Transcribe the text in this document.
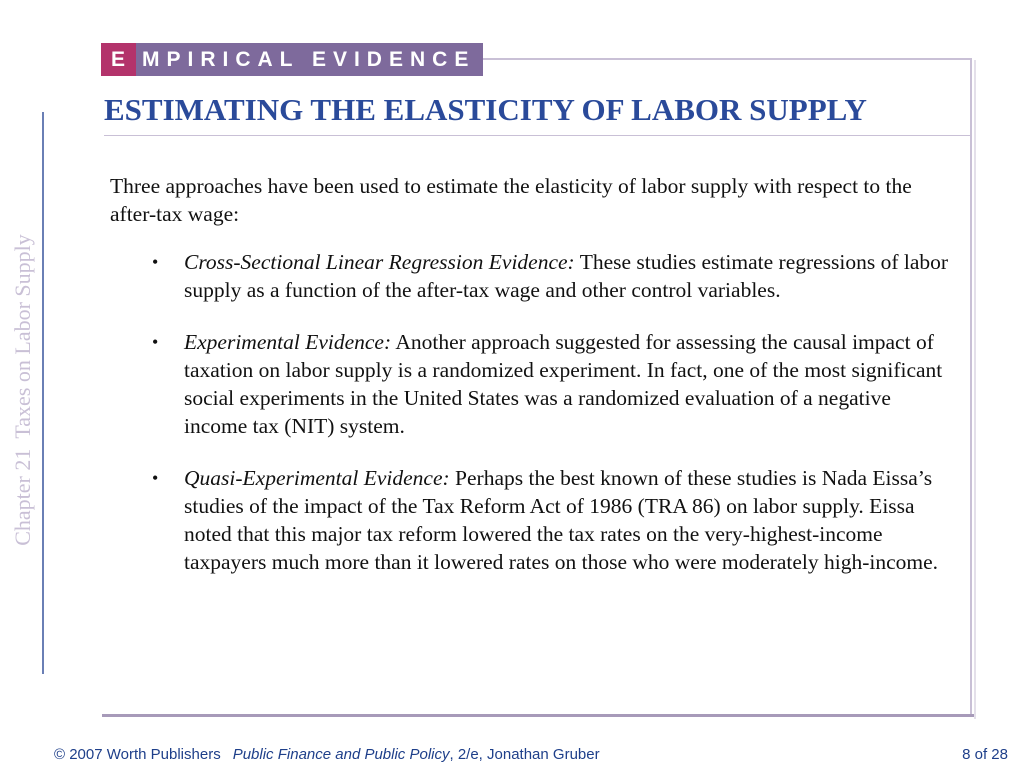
E MPIRICAL EVIDENCE
ESTIMATING THE ELASTICITY OF LABOR SUPPLY
Chapter 21Taxes on Labor Supply

Three approaches have been used to estimate the elasticity of labor supply with respect to the after-tax wage:

• Cross-Sectional Linear Regression Evidence: These studies estimate regressions of labor supply as a function of the after-tax wage and other control variables.
• Experimental Evidence: Another approach suggested for assessing the causal impact of taxation on labor supply is a randomized experiment. In fact, one of the most significant social experiments in the United States was a randomized evaluation of a negative income tax (NIT) system.
• Quasi-Experimental Evidence: Perhaps the best known of these studies is Nada Eissa’s studies of the impact of the Tax Reform Act of 1986 (TRA 86) on labor supply. Eissa noted that this major tax reform lowered the tax rates on the very-highest-income taxpayers much more than it lowered rates on those who were moderately high-income.
© 2007 Worth Publishers Public Finance and Public Policy, 2/e, Jonathan Gruber	8 of 28
